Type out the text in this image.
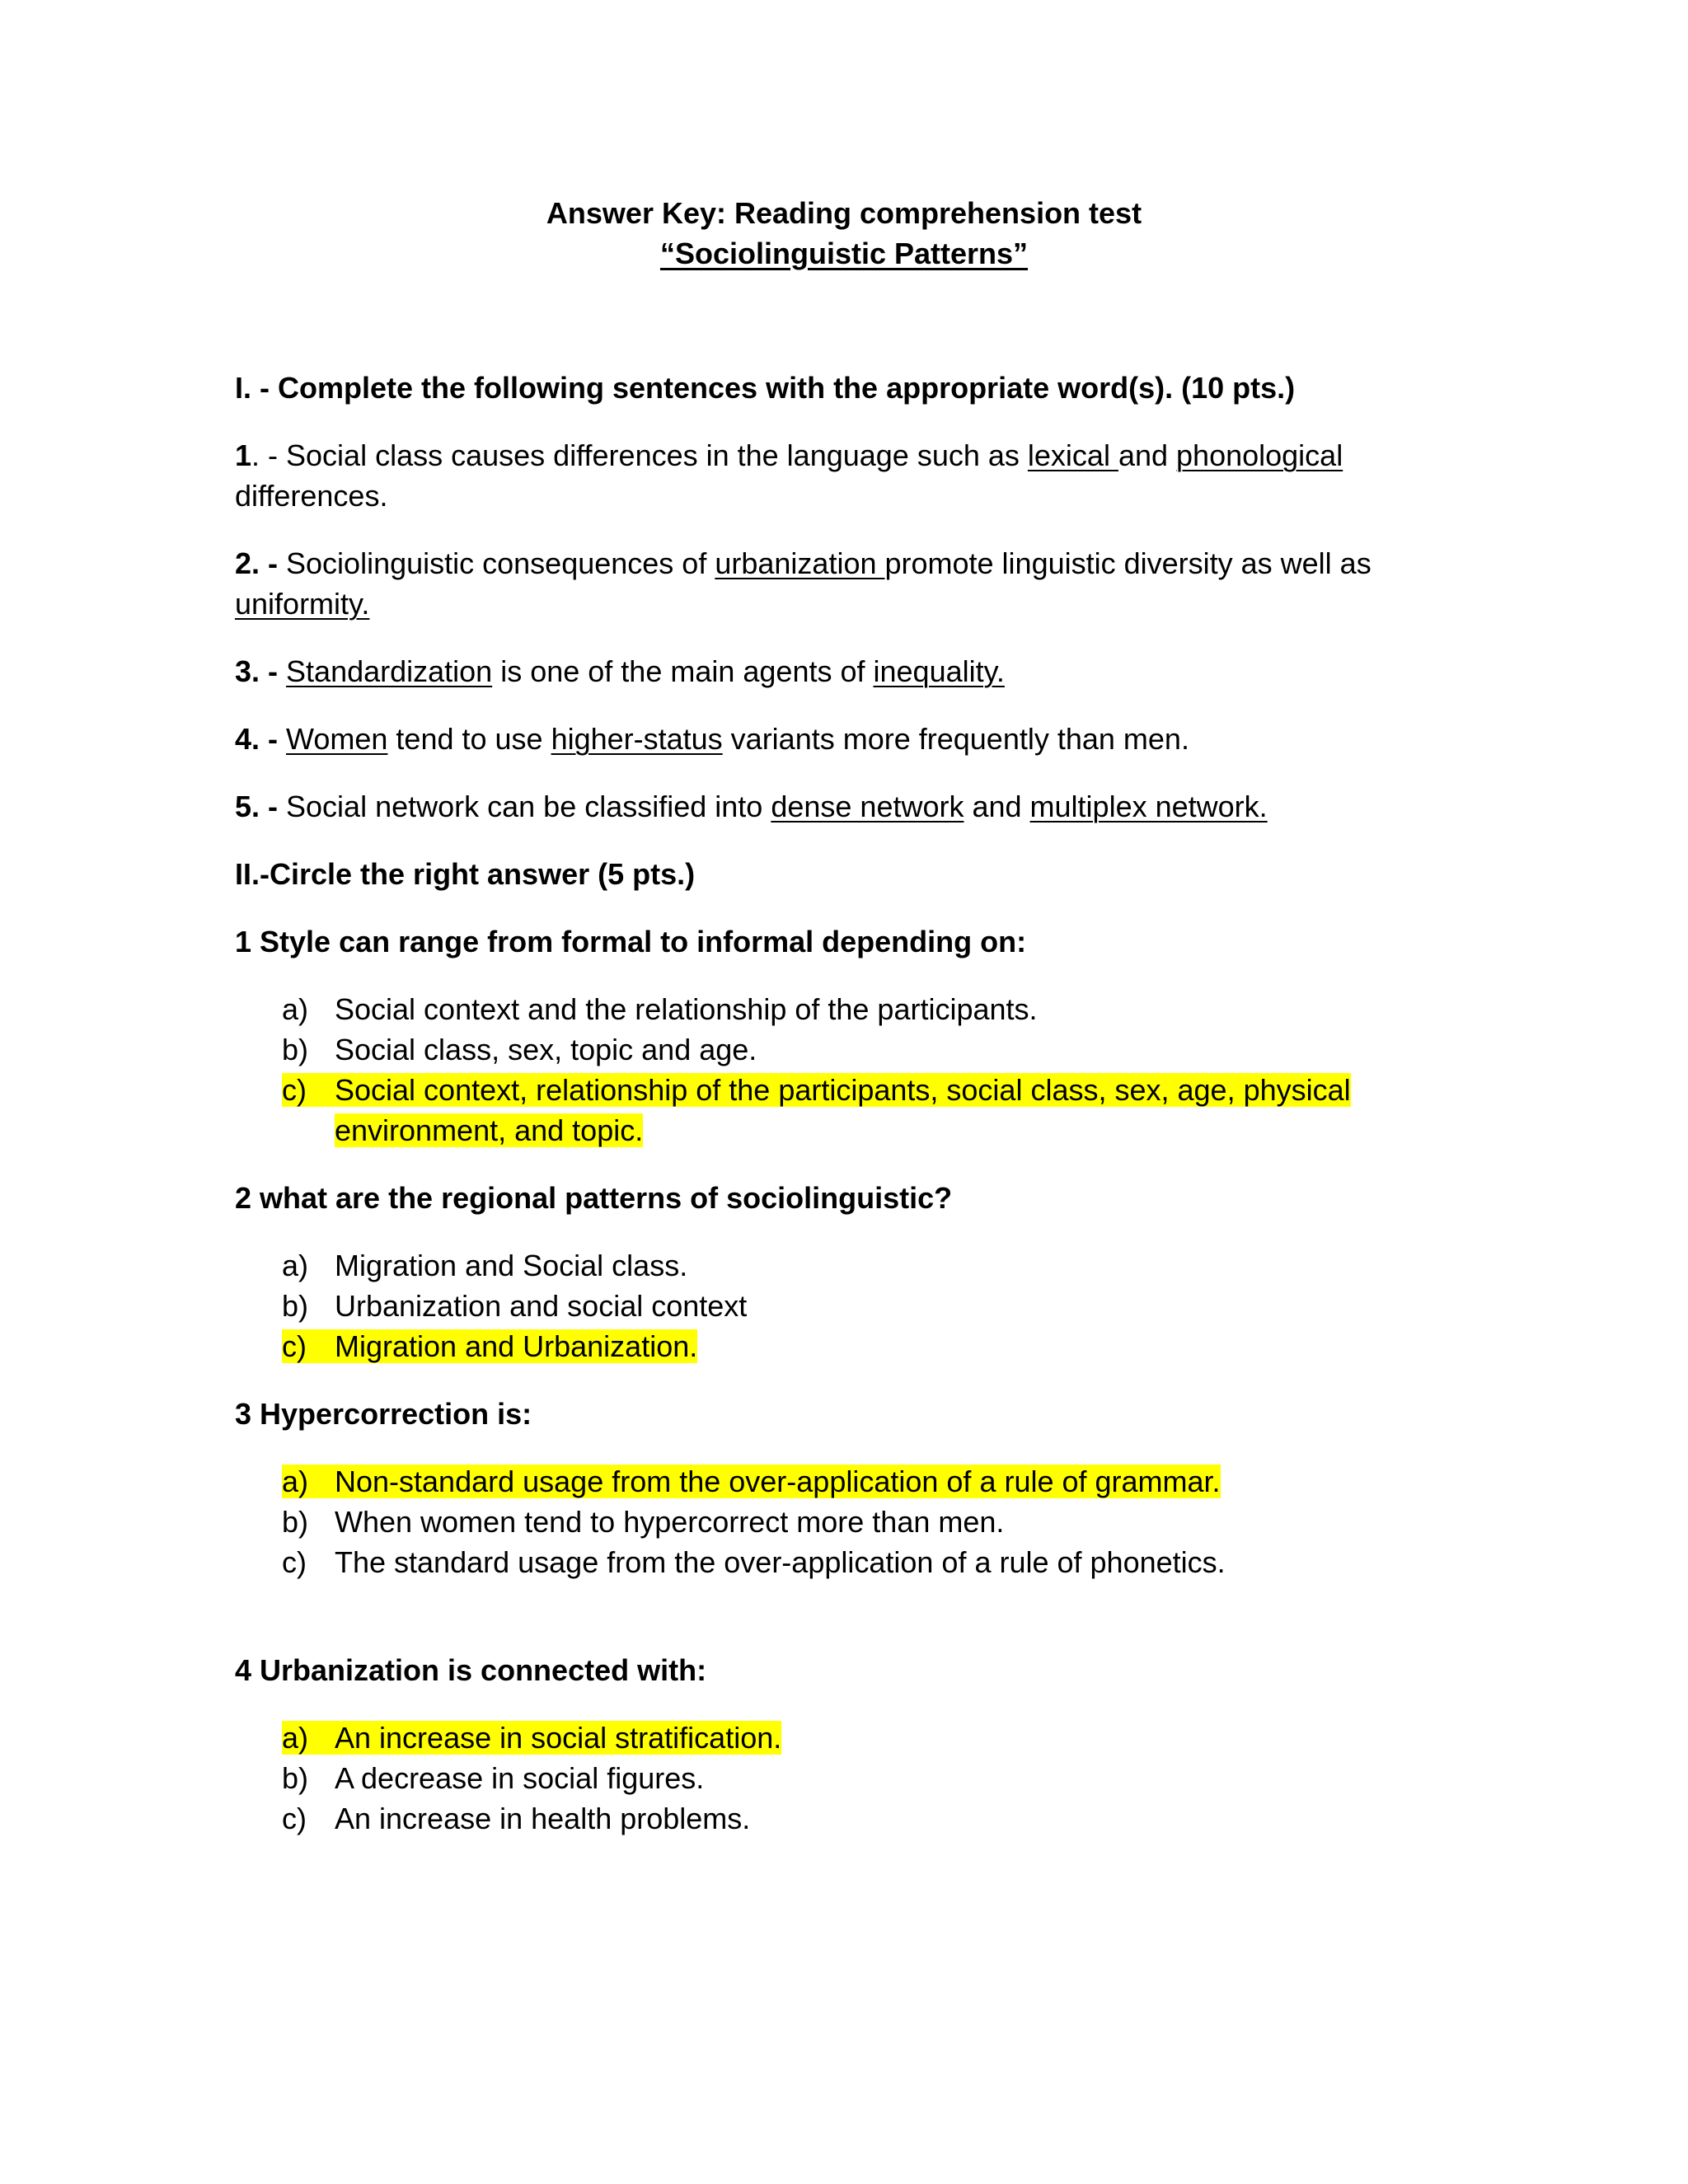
Answer Key: Reading comprehension test
“Sociolinguistic Patterns”
I. - Complete the following sentences with the appropriate word(s). (10 pts.)
1. - Social class causes differences in the language such as lexical and phonological
differences.
2. - Sociolinguistic consequences of urbanization promote linguistic diversity as well as
uniformity.
3. - Standardization is one of the main agents of inequality.
4. - Women tend to use higher-status variants more frequently than men.
5. - Social network can be classified into dense network and multiplex network.
II.-Circle the right answer (5 pts.)
1 Style can range from formal to informal depending on:
a) Social context and the relationship of the participants.
b) Social class, sex, topic and age.
c) Social context, relationship of the participants, social class, sex, age, physical
environment, and topic.
2 what are the regional patterns of sociolinguistic?
a) Migration and Social class.
b) Urbanization and social context
c) Migration and Urbanization.
3 Hypercorrection is:
a) Non-standard usage from the over-application of a rule of grammar.
b) When women tend to hypercorrect more than men.
c) The standard usage from the over-application of a rule of phonetics.
4 Urbanization is connected with:
a) An increase in social stratification.
b) A decrease in social figures.
c) An increase in health problems.
